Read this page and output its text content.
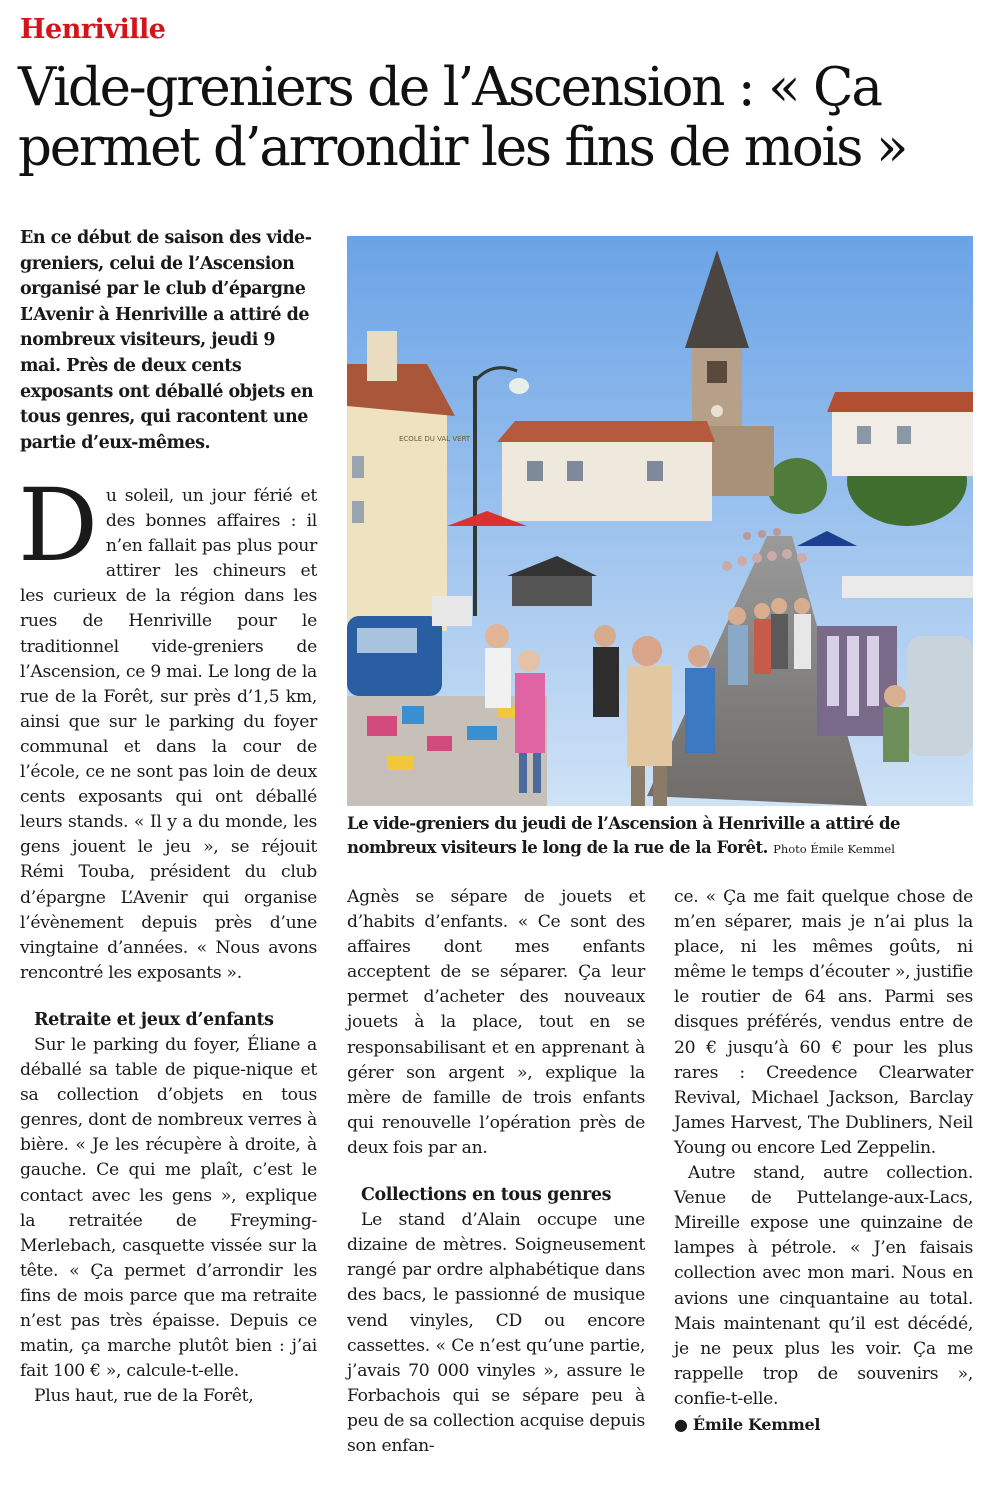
Henriville
Vide-greniers de l’Ascension : « Ça permet d’arrondir les fins de mois »
En ce début de saison des vide-greniers, celui de l’Ascension organisé par le club d’épargne L’Avenir à Henriville a attiré de nombreux visiteurs, jeudi 9 mai. Près de deux cents exposants ont déballé objets en tous genres, qui racontent une partie d’eux-mêmes.	ECOLE DU VAL VERT
Le vide-greniers du jeudi de l’Ascension à Henriville a attiré de nombreux visiteurs le long de la rue de la Forêt. Photo Émile Kemmel

Du soleil, un jour férié et des bonnes affaires : il n’en fallait pas plus pour attirer les chineurs et les curieux de la région dans les rues de Henriville pour le traditionnel vide-greniers de l’Ascension, ce 9 mai. Le long de la rue de la Forêt, sur près d’1,5 km, ainsi que sur le parking du foyer communal et dans la cour de l’école, ce ne sont pas loin de deux cents exposants qui ont déballé leurs stands. « Il y a du monde, les gens jouent le jeu », se réjouit Rémi Touba, président du club d’épargne L’Avenir qui organise l’évènement depuis près d’une vingtaine d’années. « Nous avons rencontré les exposants ».

Retraite et jeux d’enfants

Sur le parking du foyer, Éliane a déballé sa table de pique-nique et sa collection d’objets en tous genres, dont de nombreux verres à bière. « Je les récupère à droite, à gauche. Ce qui me plaît, c’est le contact avec les gens », explique la retraitée de Freyming-Merlebach, casquette vissée sur la tête. « Ça permet d’arrondir les fins de mois parce que ma retraite n’est pas très épaisse. Depuis ce matin, ça marche plutôt bien : j’ai fait 100 € », calcule-t-elle.

Plus haut, rue de la Forêt,

Agnès se sépare de jouets et d’habits d’enfants. « Ce sont des affaires dont mes enfants acceptent de se séparer. Ça leur permet d’acheter des nouveaux jouets à la place, tout en se responsabilisant et en apprenant à gérer son argent », explique la mère de famille de trois enfants qui renouvelle l’opération près de deux fois par an.

Collections en tous genres

Le stand d’Alain occupe une dizaine de mètres. Soigneusement rangé par ordre alphabétique dans des bacs, le passionné de musique vend vinyles, CD ou encore cassettes. « Ce n’est qu’une partie, j’avais 70 000 vinyles », assure le Forbachois qui se sépare peu à peu de sa collection acquise depuis son enfan-

ce. « Ça me fait quelque chose de m’en séparer, mais je n’ai plus la place, ni les mêmes goûts, ni même le temps d’écouter », justifie le routier de 64 ans. Parmi ses disques préférés, vendus entre de 20 € jusqu’à 60 € pour les plus rares : Creedence Clearwater Revival, Michael Jackson, Barclay James Harvest, The Dubliners, Neil Young ou encore Led Zeppelin.

Autre stand, autre collection. Venue de Puttelange-aux-Lacs, Mireille expose une quinzaine de lampes à pétrole. « J’en faisais collection avec mon mari. Nous en avions une cinquantaine au total. Mais maintenant qu’il est décédé, je ne peux plus les voir. Ça me rappelle trop de souvenirs », confie-t-elle.

● Émile Kemmel
